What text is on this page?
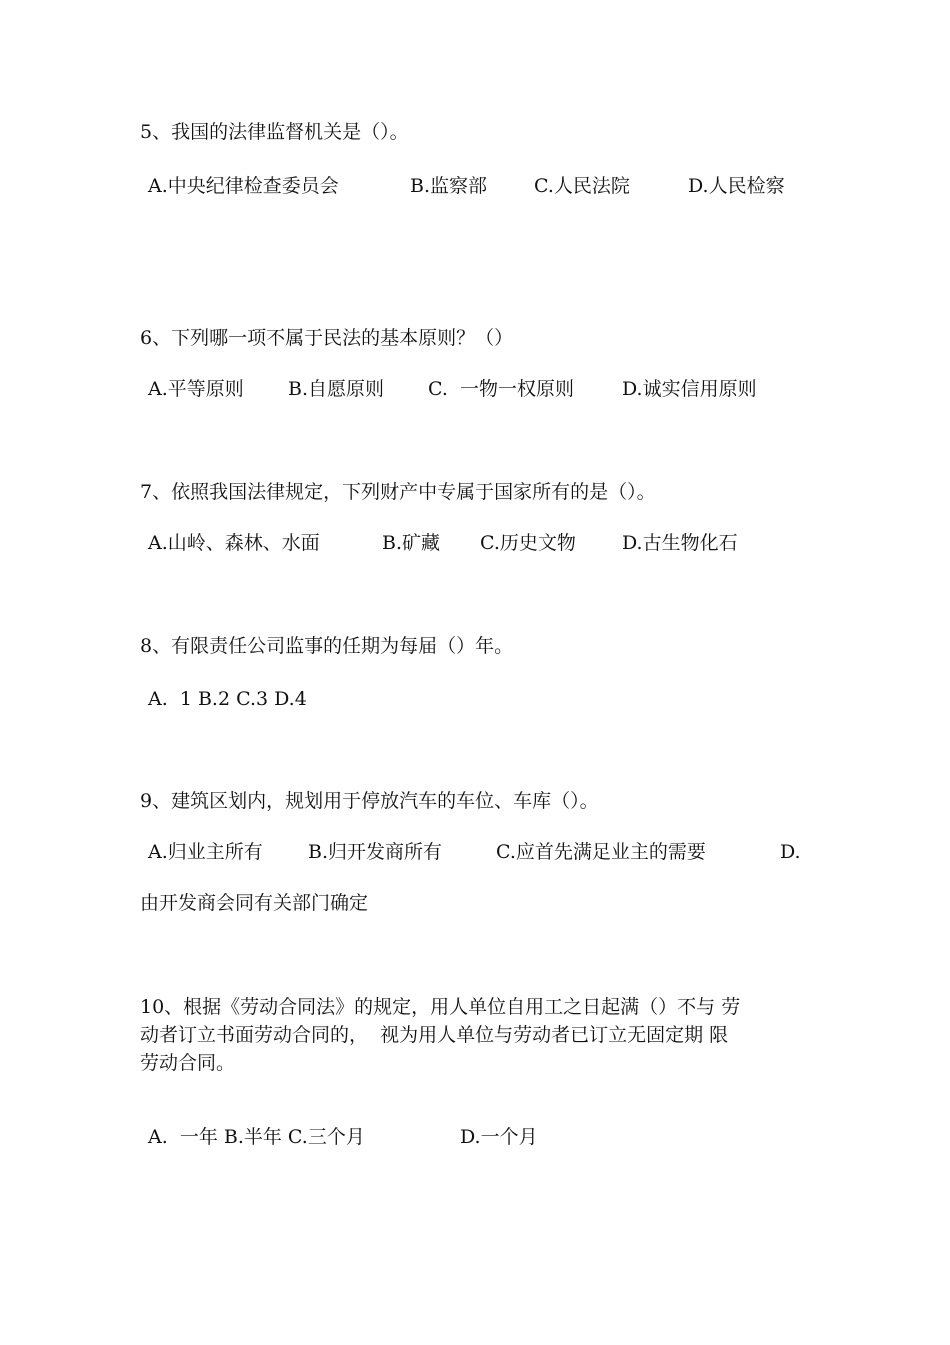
5、我国的法律监督机关是（）。

A.中央纪律检查委员会

	B.监察部

C.人民法院

	D.人民检察

6、下列哪一项不属于民法的基本原则？（）

A.平等原则

B.自愿原则

C.  一物一权原则

	D.诚实信用原则

7、依照我国法律规定，下列财产中专属于国家所有的是（）。

A.山岭、森林、水面

	B.矿藏

C.历史文物

D.古生物化石

8、有限责任公司监事的任期为每届（）年。
A.  1 B.2 C.3 D.4
9、建筑区划内，规划用于停放汽车的车位、车库（）。

A.归业主所有

B.归开发商所有

	C.应首先满足业主的需要

	D.

由开发商会同有关部门确定
10、根据《劳动合同法》的规定，用人单位自用工之日起满（）不与 劳
动者订立书面劳动合同的，  视为用人单位与劳动者已订立无固定期 限
劳动合同。

A.  一年 B.半年 C.三个月

	D.一个月
